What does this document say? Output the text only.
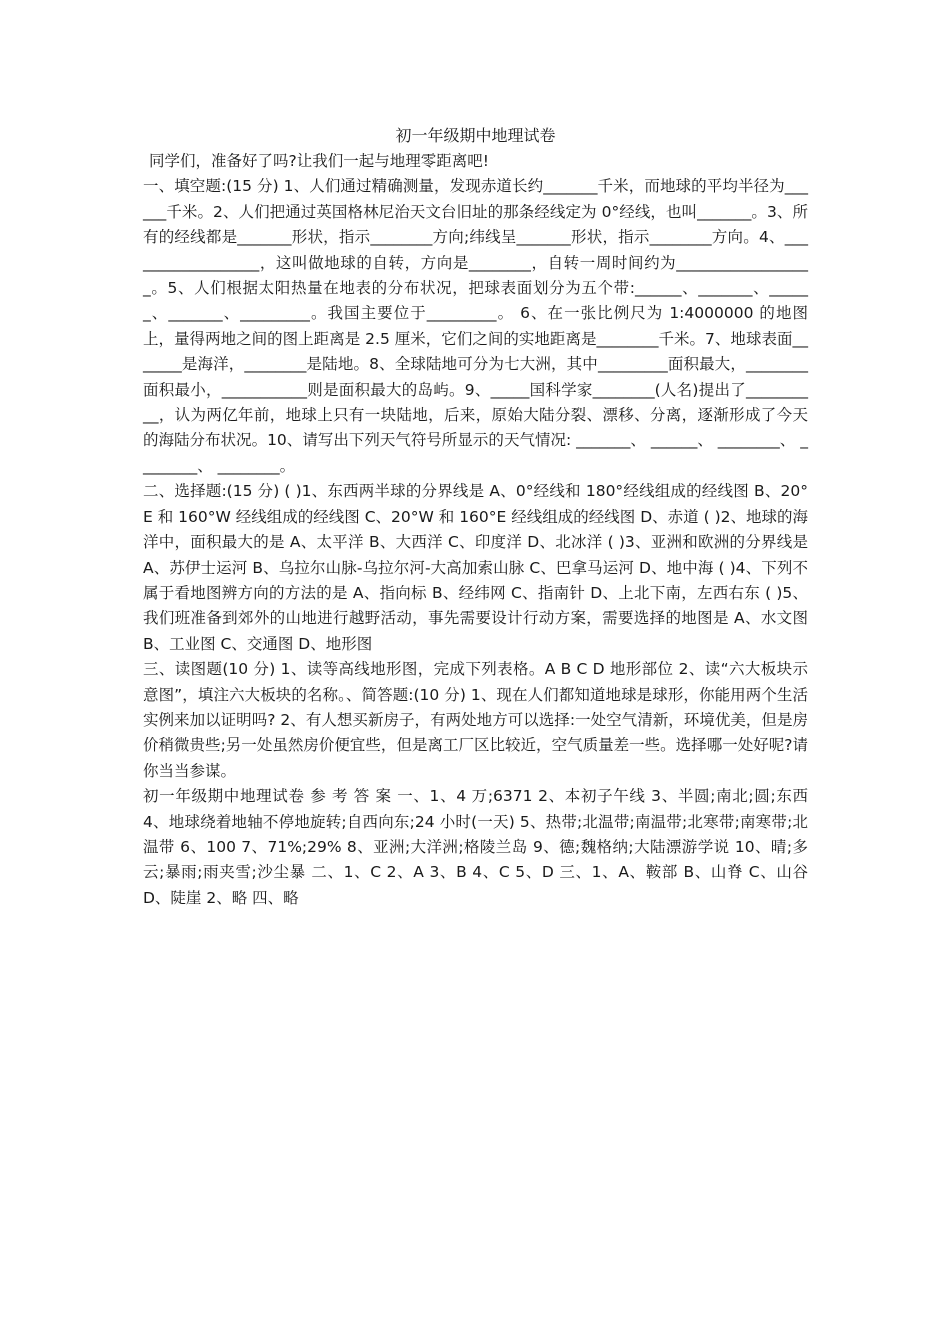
初一年级期中地理试卷

同学们，准备好了吗?让我们一起与地理零距离吧!

一、填空题:(15 分) 1、人们通过精确测量，发现赤道长约_______千米，而地球的平均半径为______千米。2、人们把通过英国格林尼治天文台旧址的那条经线定为 0°经线，也叫_______。3、所有的经线都是_______形状，指示________方向;纬线呈_______形状，指示________方向。4、__________________，这叫做地球的自转，方向是________，自转一周时间约为__________________。5、人们根据太阳热量在地表的分布状况，把球表面划分为五个带:______、_______、______、_______、_________。我国主要位于_________。 6、在一张比例尺为 1:4000000 的地图上，量得两地之间的图上距离是 2.5 厘米，它们之间的实地距离是________千米。7、地球表面_______是海洋，________是陆地。8、全球陆地可分为七大洲，其中_________面积最大，________面积最小，___________则是面积最大的岛屿。9、_____国科学家________(人名)提出了__________，认为两亿年前，地球上只有一块陆地，后来，原始大陆分裂、漂移、分离，逐渐形成了今天的海陆分布状况。10、请写出下列天气符号所显示的天气情况: _______、 ______、 ________、 ________、 ________。

二、选择题:(15 分) ( )1、东西两半球的分界线是 A、0°经线和 180°经线组成的经线图 B、20°E 和 160°W 经线组成的经线图 C、20°W 和 160°E 经线组成的经线图 D、赤道 ( )2、地球的海洋中，面积最大的是 A、太平洋 B、大西洋 C、印度洋 D、北冰洋 ( )3、亚洲和欧洲的分界线是 A、苏伊士运河 B、乌拉尔山脉-乌拉尔河-大高加索山脉 C、巴拿马运河 D、地中海 ( )4、下列不属于看地图辨方向的方法的是 A、指向标 B、经纬网 C、指南针 D、上北下南，左西右东 ( )5、我们班准备到郊外的山地进行越野活动，事先需要设计行动方案，需要选择的地图是 A、水文图 B、工业图 C、交通图 D、地形图

三、读图题(10 分) 1、读等高线地形图，完成下列表格。A B C D 地形部位 2、读“六大板块示意图”，填注六大板块的名称。、简答题:(10 分) 1、现在人们都知道地球是球形，你能用两个生活实例来加以证明吗? 2、有人想买新房子，有两处地方可以选择:一处空气清新，环境优美，但是房价稍微贵些;另一处虽然房价便宜些，但是离工厂区比较近，空气质量差一些。选择哪一处好呢?请你当当参谋。

初一年级期中地理试卷 参 考 答 案 一、1、4 万;6371 2、本初子午线 3、半圆;南北;圆;东西 4、地球绕着地轴不停地旋转;自西向东;24 小时(一天) 5、热带;北温带;南温带;北寒带;南寒带;北温带 6、100 7、71%;29% 8、亚洲;大洋洲;格陵兰岛 9、德;魏格纳;大陆漂游学说 10、晴;多云;暴雨;雨夹雪;沙尘暴 二、1、C 2、A 3、B 4、C 5、D 三、1、A、鞍部 B、山脊 C、山谷 D、陡崖 2、略 四、略
